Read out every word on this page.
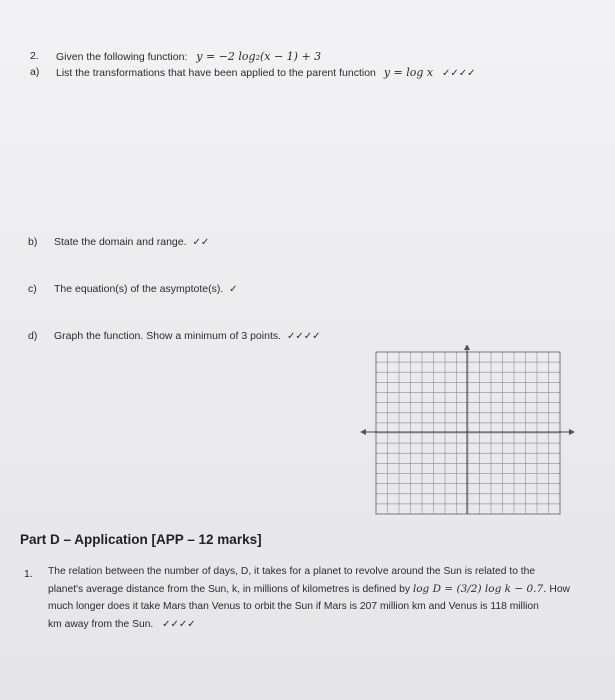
2. Given the following function: y = −2 log₂(x − 1) + 3
a) List the transformations that have been applied to the parent function y = log x ✓✓✓✓
b) State the domain and range. ✓✓
c) The equation(s) of the asymptote(s). ✓
d) Graph the function. Show a minimum of 3 points. ✓✓✓✓
Part D – Application [APP – 12 marks]
1. The relation between the number of days, D, it takes for a planet to revolve around the Sun is related to the
planet's average distance from the Sun, k, in millions of kilometres is defined by log D = (3/2) log k − 0.7. How
much longer does it take Mars than Venus to orbit the Sun if Mars is 207 million km and Venus is 118 million
km away from the Sun. ✓✓✓✓
